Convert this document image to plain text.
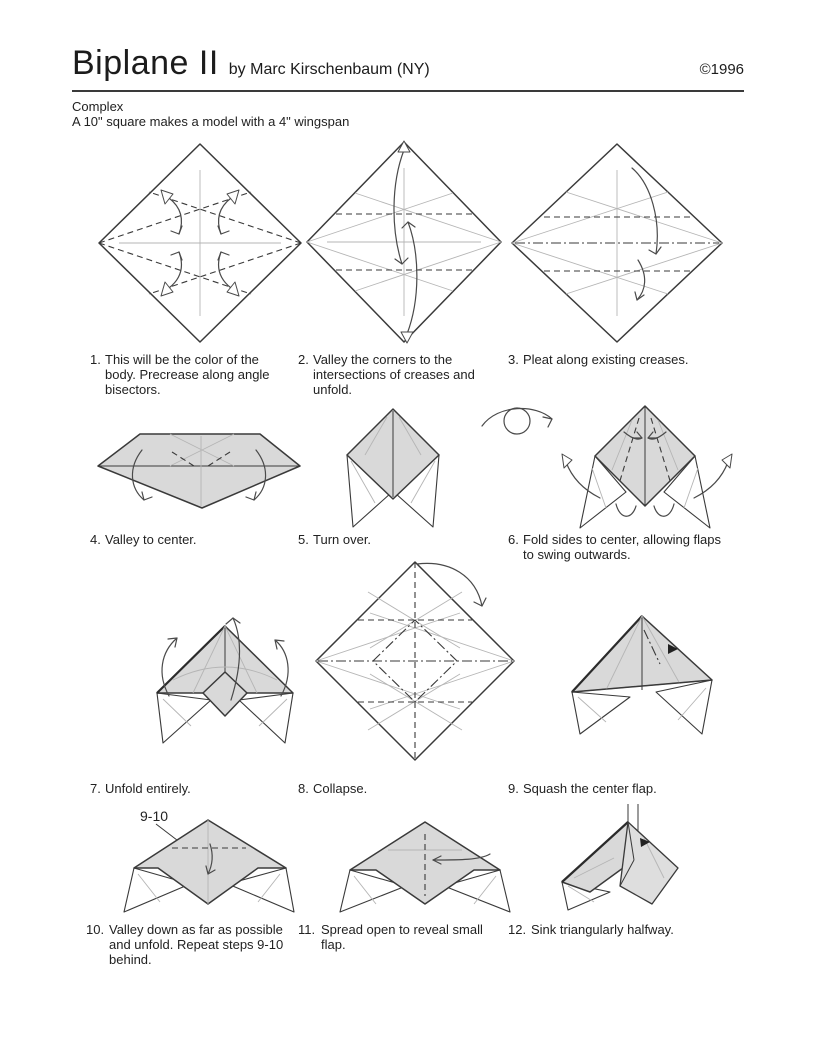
Biplane II by Marc Kirschenbaum (NY)	©1996
Complex
A 10" square makes a model with a 4" wingspan
9-10
1. This will be the color of the body. Precrease along angle bisectors.
2. Valley the corners to the intersections of creases and unfold.
3. Pleat along existing creases.
4. Valley to center.	5. Turn over.	6. Fold sides to center, allowing flaps to swing outwards.
7. Unfold entirely.	8. Collapse.	9. Squash the center flap.
10. Valley down as far as possible and unfold. Repeat steps 9-10 behind.
11. Spread open to reveal small flap.
12. Sink triangularly halfway.
